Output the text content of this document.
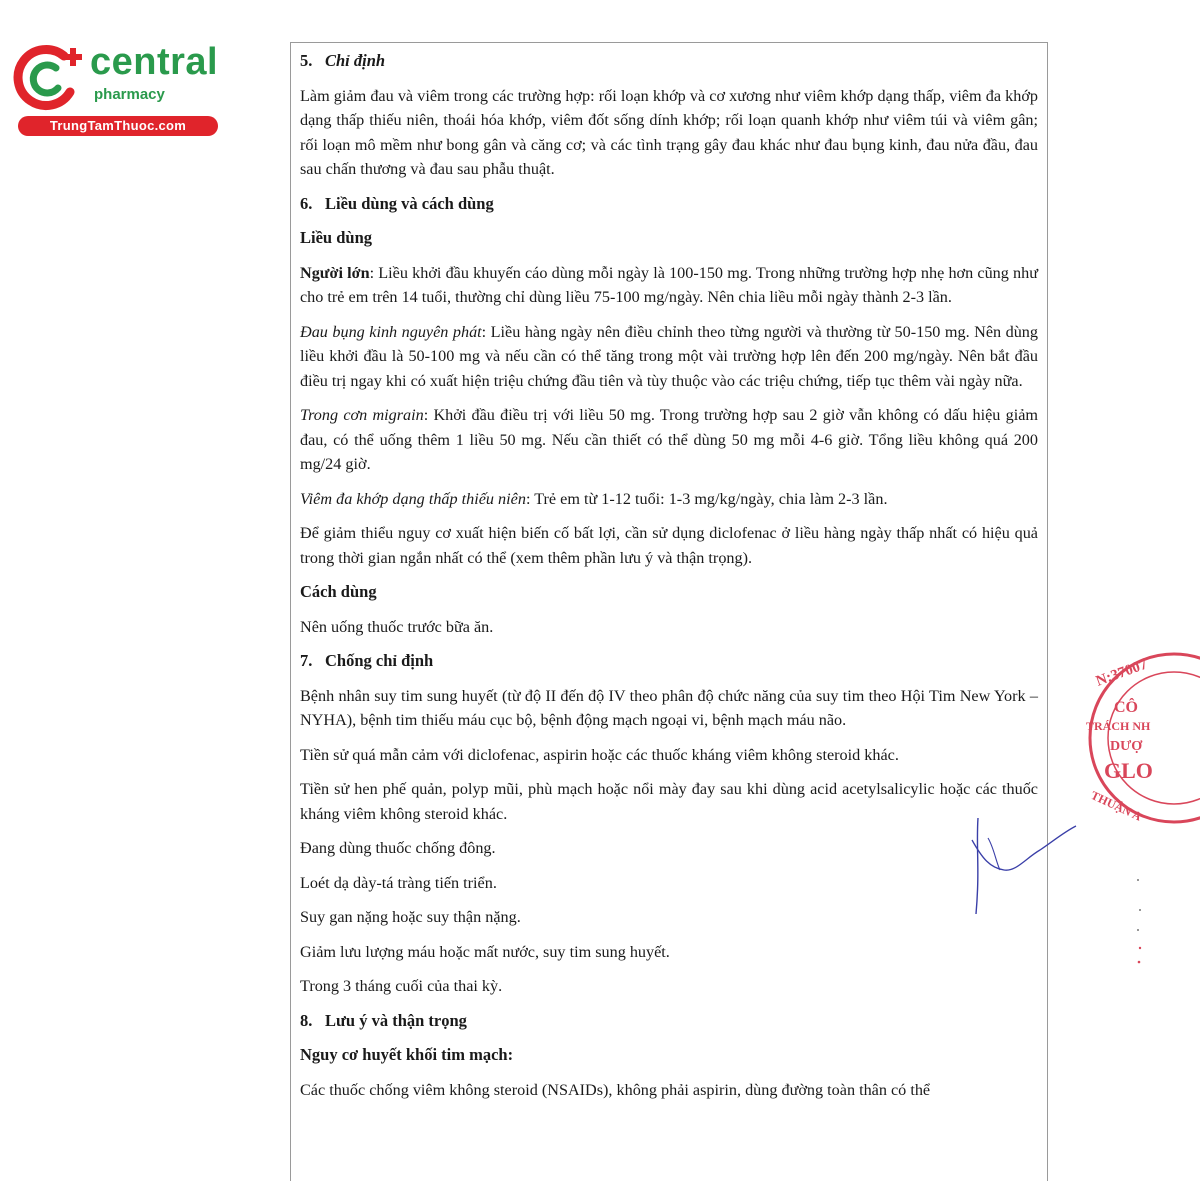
central
pharmacy
TrungTamThuoc.com
5. Chỉ định

Làm giảm đau và viêm trong các trường hợp: rối loạn khớp và cơ xương như viêm khớp dạng thấp, viêm đa khớp dạng thấp thiếu niên, thoái hóa khớp, viêm đốt sống dính khớp; rối loạn quanh khớp như viêm túi và viêm gân; rối loạn mô mềm như bong gân và căng cơ; và các tình trạng gây đau khác như đau bụng kinh, đau nửa đầu, đau sau chấn thương và đau sau phẫu thuật.

6. Liều dùng và cách dùng
Liều dùng

Người lớn: Liều khởi đầu khuyến cáo dùng mỗi ngày là 100-150 mg. Trong những trường hợp nhẹ hơn cũng như cho trẻ em trên 14 tuổi, thường chỉ dùng liều 75-100 mg/ngày. Nên chia liều mỗi ngày thành 2-3 lần.

Đau bụng kinh nguyên phát: Liều hàng ngày nên điều chỉnh theo từng người và thường từ 50-150 mg. Nên dùng liều khởi đầu là 50-100 mg và nếu cần có thể tăng trong một vài trường hợp lên đến 200 mg/ngày. Nên bắt đầu điều trị ngay khi có xuất hiện triệu chứng đầu tiên và tùy thuộc vào các triệu chứng, tiếp tục thêm vài ngày nữa.

Trong cơn migrain: Khởi đầu điều trị với liều 50 mg. Trong trường hợp sau 2 giờ vẫn không có dấu hiệu giảm đau, có thể uống thêm 1 liều 50 mg. Nếu cần thiết có thể dùng 50 mg mỗi 4-6 giờ. Tổng liều không quá 200 mg/24 giờ.

Viêm đa khớp dạng thấp thiếu niên: Trẻ em từ 1-12 tuổi: 1-3 mg/kg/ngày, chia làm 2-3 lần.

Để giảm thiểu nguy cơ xuất hiện biến cố bất lợi, cần sử dụng diclofenac ở liều hàng ngày thấp nhất có hiệu quả trong thời gian ngắn nhất có thể (xem thêm phần lưu ý và thận trọng).

Cách dùng

Nên uống thuốc trước bữa ăn.

7. Chống chỉ định

Bệnh nhân suy tim sung huyết (từ độ II đến độ IV theo phân độ chức năng của suy tim theo Hội Tim New York – NYHA), bệnh tim thiếu máu cục bộ, bệnh động mạch ngoại vi, bệnh mạch máu não.

Tiền sử quá mẫn cảm với diclofenac, aspirin hoặc các thuốc kháng viêm không steroid khác.

Tiền sử hen phế quản, polyp mũi, phù mạch hoặc nổi mày đay sau khi dùng acid acetylsalicylic hoặc các thuốc kháng viêm không steroid khác.

Đang dùng thuốc chống đông.

Loét dạ dày-tá tràng tiến triển.

Suy gan nặng hoặc suy thận nặng.

Giảm lưu lượng máu hoặc mất nước, suy tim sung huyết.

Trong 3 tháng cuối của thai kỳ.

8. Lưu ý và thận trọng
Nguy cơ huyết khối tim mạch:

Các thuốc chống viêm không steroid (NSAIDs), không phải aspirin, dùng đường toàn thân có thể

N:37007
CÔ
TRÁCH NH
DƯỢ
GLO
THUẬN A
